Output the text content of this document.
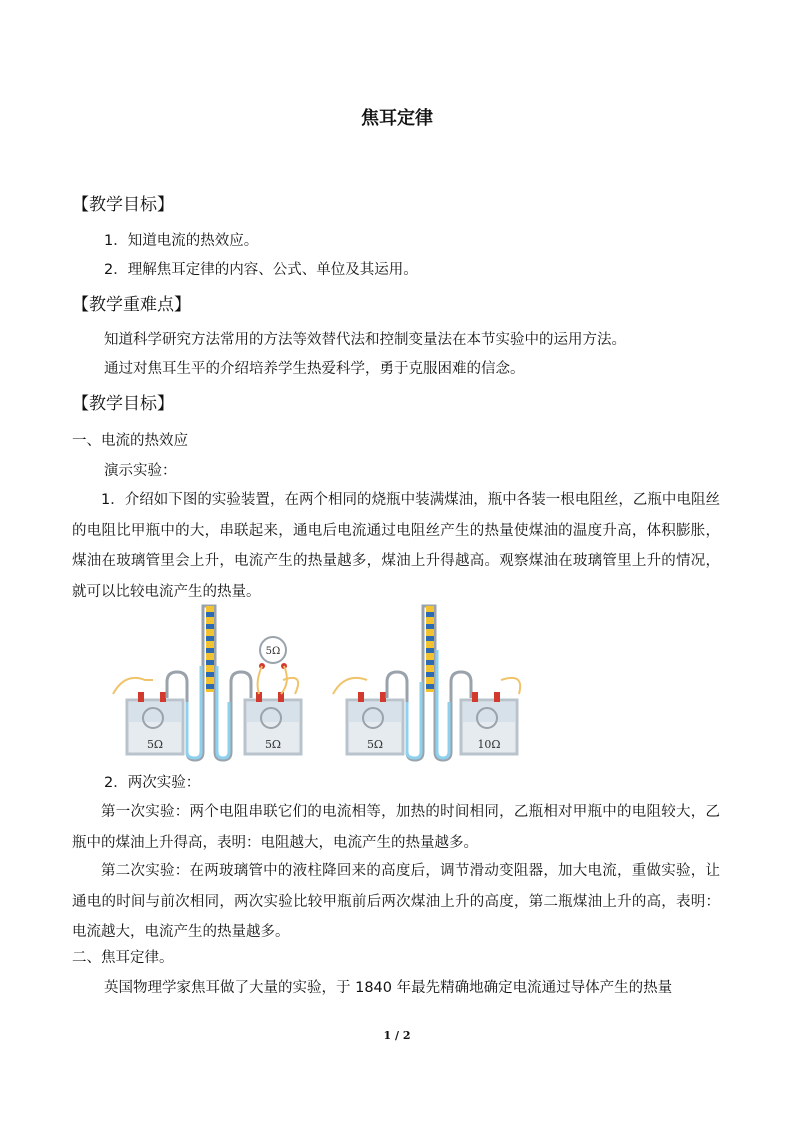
焦耳定律
【教学目标】
1．知道电流的热效应。
2．理解焦耳定律的内容、公式、单位及其运用。
【教学重难点】
知道科学研究方法常用的方法等效替代法和控制变量法在本节实验中的运用方法。
通过对焦耳生平的介绍培养学生热爱科学，勇于克服困难的信念。
【教学目标】
一、电流的热效应
演示实验：
1．介绍如下图的实验装置，在两个相同的烧瓶中装满煤油，瓶中各装一根电阻丝，乙瓶中电阻丝的电阻比甲瓶中的大，串联起来，通电后电流通过电阻丝产生的热量使煤油的温度升高，体积膨胀，煤油在玻璃管里会上升，电流产生的热量越多，煤油上升得越高。观察煤油在玻璃管里上升的情况，就可以比较电流产生的热量。
5Ω	5Ω
5Ω
5Ω	10Ω
2．两次实验：
第一次实验：两个电阻串联它们的电流相等，加热的时间相同，乙瓶相对甲瓶中的电阻较大，乙瓶中的煤油上升得高，表明：电阻越大，电流产生的热量越多。
第二次实验：在两玻璃管中的液柱降回来的高度后，调节滑动变阻器，加大电流，重做实验，让通电的时间与前次相同，两次实验比较甲瓶前后两次煤油上升的高度，第二瓶煤油上升的高，表明：电流越大，电流产生的热量越多。
二、焦耳定律。
英国物理学家焦耳做了大量的实验，于 1840 年最先精确地确定电流通过导体产生的热量
1 / 2
